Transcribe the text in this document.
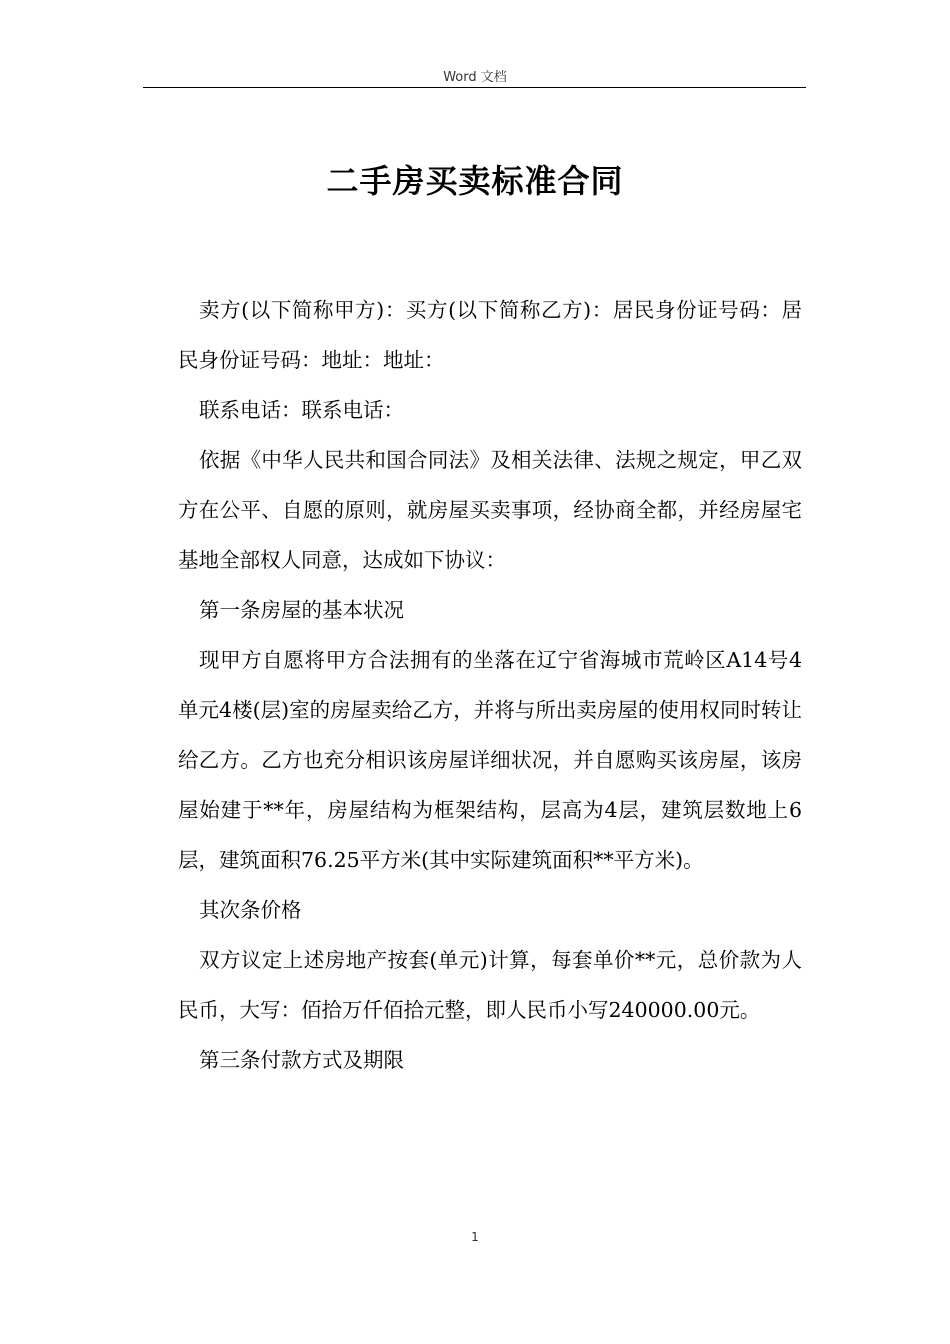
Word 文档
二手房买卖标准合同

卖方(以下简称甲方)：买方(以下简称乙方)：居民身份证号码：居民身份证号码：地址：地址：

联系电话：联系电话：

依据《中华人民共和国合同法》及相关法律、法规之规定，甲乙双方在公平、自愿的原则，就房屋买卖事项，经协商全都，并经房屋宅基地全部权人同意，达成如下协议：

第一条房屋的基本状况

现甲方自愿将甲方合法拥有的坐落在辽宁省海城市荒岭区A14号4单元4楼(层)室的房屋卖给乙方，并将与所出卖房屋的使用权同时转让给乙方。乙方也充分相识该房屋详细状况，并自愿购买该房屋，该房屋始建于**年，房屋结构为框架结构，层高为4层，建筑层数地上6层，建筑面积76.25平方米(其中实际建筑面积**平方米)。

其次条价格

双方议定上述房地产按套(单元)计算，每套单价**元，总价款为人民币，大写：佰拾万仟佰拾元整，即人民币小写240000.00元。

第三条付款方式及期限

1
